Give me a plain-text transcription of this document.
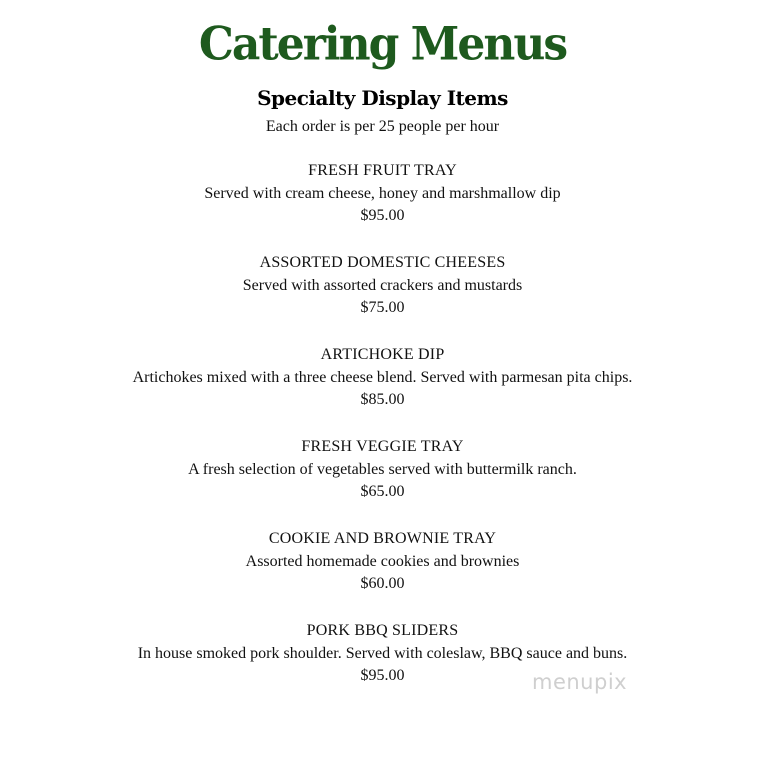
Catering Menus
Specialty Display Items
Each order is per 25 people per hour

FRESH FRUIT TRAY

Served with cream cheese, honey and marshmallow dip

$95.00

ASSORTED DOMESTIC CHEESES

Served with assorted crackers and mustards

$75.00

ARTICHOKE DIP

Artichokes mixed with a three cheese blend. Served with parmesan pita chips.

$85.00

FRESH VEGGIE TRAY

A fresh selection of vegetables served with buttermilk ranch.

$65.00

COOKIE AND BROWNIE TRAY

Assorted homemade cookies and brownies

$60.00

PORK BBQ SLIDERS

In house smoked pork shoulder. Served with coleslaw, BBQ sauce and buns.

$95.00	menupix
